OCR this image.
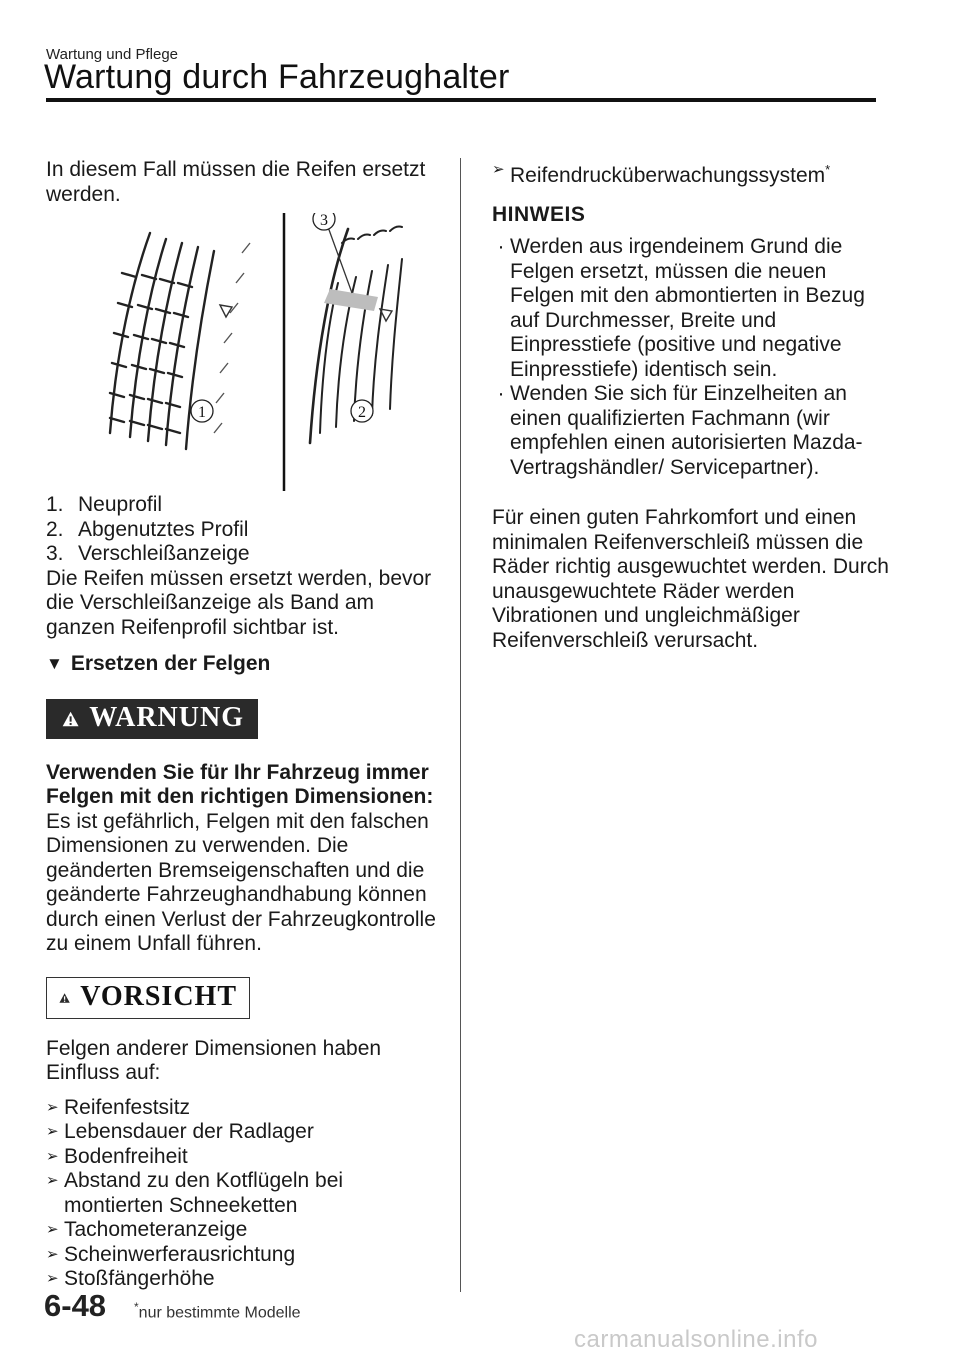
Wartung und Pflege
Wartung durch Fahrzeughalter

In diesem Fall müssen die Reifen ersetzt werden.

1	2
3
1. Neuprofil
2. Abgenutztes Profil
3. Verschleißanzeige

Die Reifen müssen ersetzt werden, bevor die Verschleißanzeige als Band am ganzen Reifenprofil sichtbar ist.

▼ Ersetzen der Felgen
WARNUNG

Verwenden Sie für Ihr Fahrzeug immer Felgen mit den richtigen Dimensionen:

Es ist gefährlich, Felgen mit den falschen Dimensionen zu verwenden. Die geänderten Bremseigenschaften und die geänderte Fahrzeughandhabung können durch einen Verlust der Fahrzeugkontrolle zu einem Unfall führen.

VORSICHT

Felgen anderer Dimensionen haben Einfluss auf:

➢ Reifenfestsitz
➢ Lebensdauer der Radlager
➢ Bodenfreiheit
➢ Abstand zu den Kotflügeln bei montierten Schneeketten
➢ Tachometeranzeige
➢ Scheinwerferausrichtung
➢ Stoßfängerhöhe
➢ Reifendrucküberwachungssystem*
HINWEIS
· Werden aus irgendeinem Grund die Felgen ersetzt, müssen die neuen Felgen mit den abmontierten in Bezug auf Durchmesser, Breite und Einpresstiefe (positive und negative Einpresstiefe) identisch sein.
· Wenden Sie sich für Einzelheiten an einen qualifizierten Fachmann (wir empfehlen einen autorisierten Mazda-Vertragshändler/ Servicepartner).

Für einen guten Fahrkomfort und einen minimalen Reifenverschleiß müssen die Räder richtig ausgewuchtet werden. Durch unausgewuchtete Räder werden Vibrationen und ungleichmäßiger Reifenverschleiß verursacht.

6-48 *nur bestimmte Modelle
carmanualsonline.info
